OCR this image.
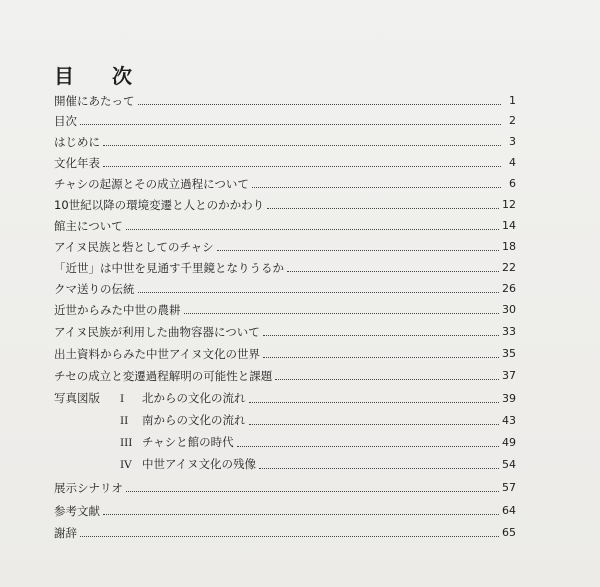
目　次
開催にあたって	1
目次	2
はじめに	3
文化年表	4
チャシの起源とその成立過程について	6
10世紀以降の環境変遷と人とのかかわり	12
館主について	14
アイヌ民族と砦としてのチャシ	18
「近世」は中世を見通す千里鏡となりうるか	22
クマ送りの伝統	26
近世からみた中世の農耕	30
アイヌ民族が利用した曲物容器について	33
出土資料からみた中世アイヌ文化の世界	35
チセの成立と変遷過程解明の可能性と課題	37
写真図版 I 北からの文化の流れ	39
II 南からの文化の流れ	43
III チャシと館の時代	49
IV 中世アイヌ文化の残像	54
展示シナリオ	57
参考文献	64
謝辞	65
